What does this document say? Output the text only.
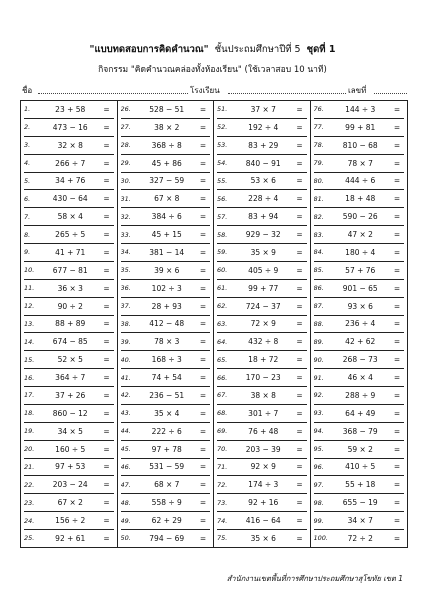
"แบบทดสอบการคิดคำนวณ" ชั้นประถมศึกษาปีที่ 5 ชุดที่ 1
กิจกรรม "คิดคำนวณคล่องทั้งห้องเรียน" (ใช้เวลาสอบ 10 นาที)
ชื่อ	โรงเรียน	เลขที่
1.	23 + 58	=
2.	473 − 16	=
3.	32 × 8	=
4.	266 ÷ 7	=
5.	34 + 76	=
6.	430 − 64	=
7.	58 × 4	=
8.	265 ÷ 5	=
9.	41 + 71	=
10.	677 − 81	=
11.	36 × 3	=
12.	90 ÷ 2	=
13.	88 + 89	=
14.	674 − 85	=
15.	52 × 5	=
16.	364 ÷ 7	=
17.	37 + 26	=
18.	860 − 12	=
19.	34 × 5	=
20.	160 ÷ 5	=
21.	97 + 53	=
22.	203 − 24	=
23.	67 × 2	=
24.	156 ÷ 2	=
25.	92 + 61	=
26.	528 − 51	=
27.	38 × 2	=
28.	368 ÷ 8	=
29.	45 + 86	=
30.	327 − 59	=
31.	67 × 8	=
32.	384 ÷ 6	=
33.	45 + 15	=
34.	381 − 14	=
35.	39 × 6	=
36.	102 ÷ 3	=
37.	28 + 93	=
38.	412 − 48	=
39.	78 × 3	=
40.	168 ÷ 3	=
41.	74 + 54	=
42.	236 − 51	=
43.	35 × 4	=
44.	222 ÷ 6	=
45.	97 + 78	=
46.	531 − 59	=
47.	68 × 7	=
48.	558 ÷ 9	=
49.	62 + 29	=
50.	794 − 69	=
51.	37 × 7	=
52.	192 ÷ 4	=
53.	83 + 29	=
54.	840 − 91	=
55.	53 × 6	=
56.	228 ÷ 4	=
57.	83 + 94	=
58.	929 − 32	=
59.	35 × 9	=
60.	405 ÷ 9	=
61.	99 + 77	=
62.	724 − 37	=
63.	72 × 9	=
64.	432 ÷ 8	=
65.	18 + 72	=
66.	170 − 23	=
67.	38 × 8	=
68.	301 ÷ 7	=
69.	76 + 48	=
70.	203 − 39	=
71.	92 × 9	=
72.	174 ÷ 3	=
73.	92 + 16	=
74.	416 − 64	=
75.	35 × 6	=
76.	144 ÷ 3	=
77.	99 + 81	=
78.	810 − 68	=
79.	78 × 7	=
80.	444 ÷ 6	=
81.	18 + 48	=
82.	590 − 26	=
83.	47 × 2	=
84.	180 ÷ 4	=
85.	57 + 76	=
86.	901 − 65	=
87.	93 × 6	=
88.	236 ÷ 4	=
89.	42 + 62	=
90.	268 − 73	=
91.	46 × 4	=
92.	288 ÷ 9	=
93.	64 + 49	=
94.	368 − 79	=
95.	59 × 2	=
96.	410 ÷ 5	=
97.	55 + 18	=
98.	655 − 19	=
99.	34 × 7	=
100.	72 ÷ 2	=
สำนักงานเขตพื้นที่การศึกษาประถมศึกษาสุโขทัย เขต 1
